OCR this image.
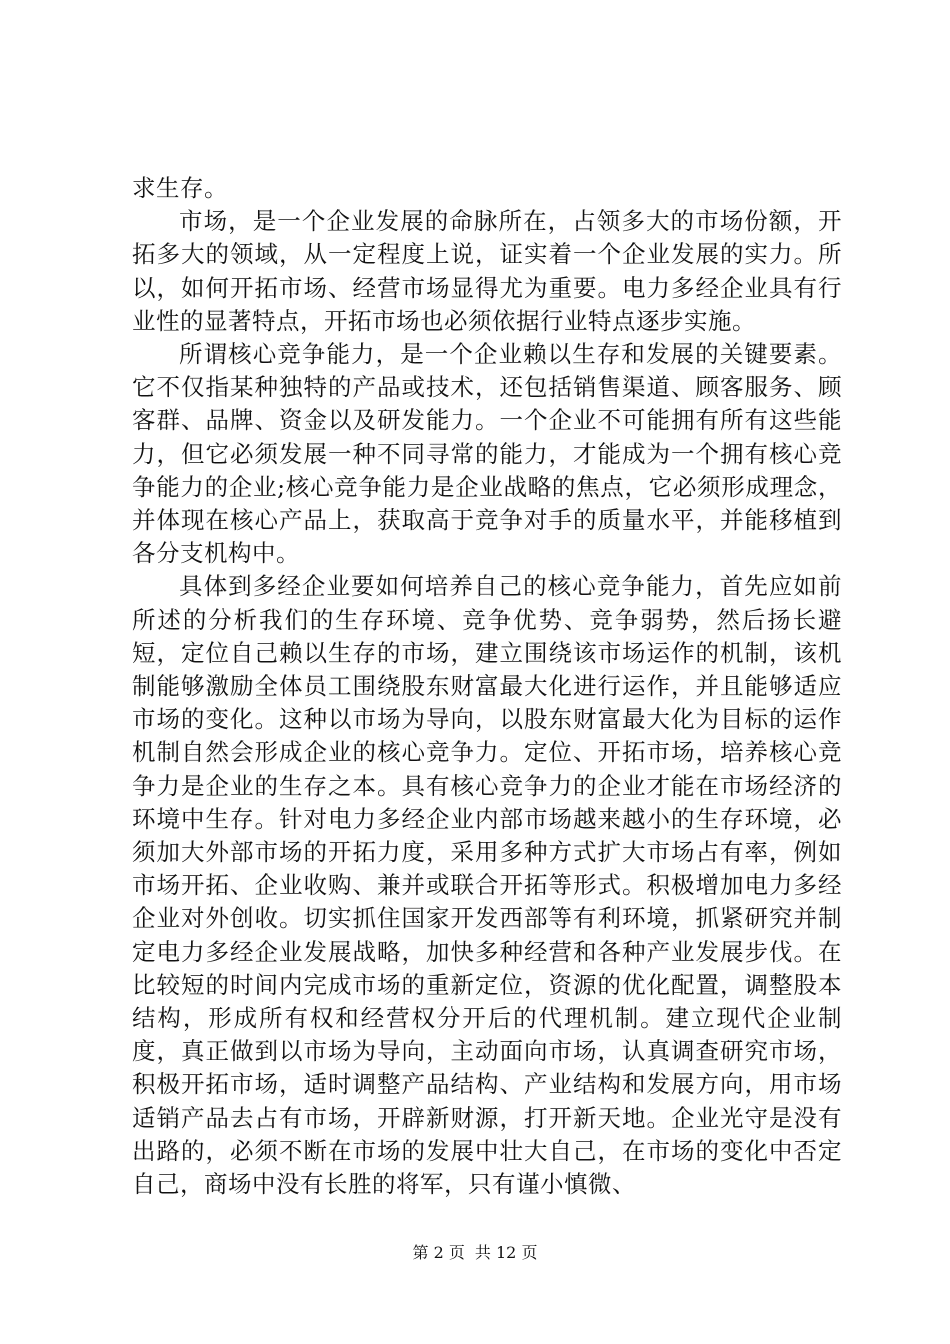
求生存。

市场，是一个企业发展的命脉所在，占领多大的市场份额，开拓多大的领域，从一定程度上说，证实着一个企业发展的实力。所以，如何开拓市场、经营市场显得尤为重要。电力多经企业具有行业性的显著特点，开拓市场也必须依据行业特点逐步实施。

所谓核心竞争能力，是一个企业赖以生存和发展的关键要素。它不仅指某种独特的产品或技术，还包括销售渠道、顾客服务、顾客群、品牌、资金以及研发能力。一个企业不可能拥有所有这些能力，但它必须发展一种不同寻常的能力，才能成为一个拥有核心竞争能力的企业;核心竞争能力是企业战略的焦点，它必须形成理念，并体现在核心产品上，获取高于竞争对手的质量水平，并能移植到各分支机构中。

具体到多经企业要如何培养自己的核心竞争能力，首先应如前所述的分析我们的生存环境、竞争优势、竞争弱势，然后扬长避短，定位自己赖以生存的市场，建立围绕该市场运作的机制，该机制能够激励全体员工围绕股东财富最大化进行运作，并且能够适应市场的变化。这种以市场为导向，以股东财富最大化为目标的运作机制自然会形成企业的核心竞争力。定位、开拓市场，培养核心竞争力是企业的生存之本。具有核心竞争力的企业才能在市场经济的环境中生存。针对电力多经企业内部市场越来越小的生存环境，必须加大外部市场的开拓力度，采用多种方式扩大市场占有率，例如市场开拓、企业收购、兼并或联合开拓等形式。积极增加电力多经企业对外创收。切实抓住国家开发西部等有利环境，抓紧研究并制定电力多经企业发展战略，加快多种经营和各种产业发展步伐。在比较短的时间内完成市场的重新定位，资源的优化配置，调整股本结构，形成所有权和经营权分开后的代理机制。建立现代企业制度，真正做到以市场为导向，主动面向市场，认真调查研究市场，积极开拓市场，适时调整产品结构、产业结构和发展方向，用市场适销产品去占有市场，开辟新财源，打开新天地。企业光守是没有出路的，必须不断在市场的发展中壮大自己，在市场的变化中否定自己，商场中没有长胜的将军，只有谨小慎微、

第 2 页 共 12 页
